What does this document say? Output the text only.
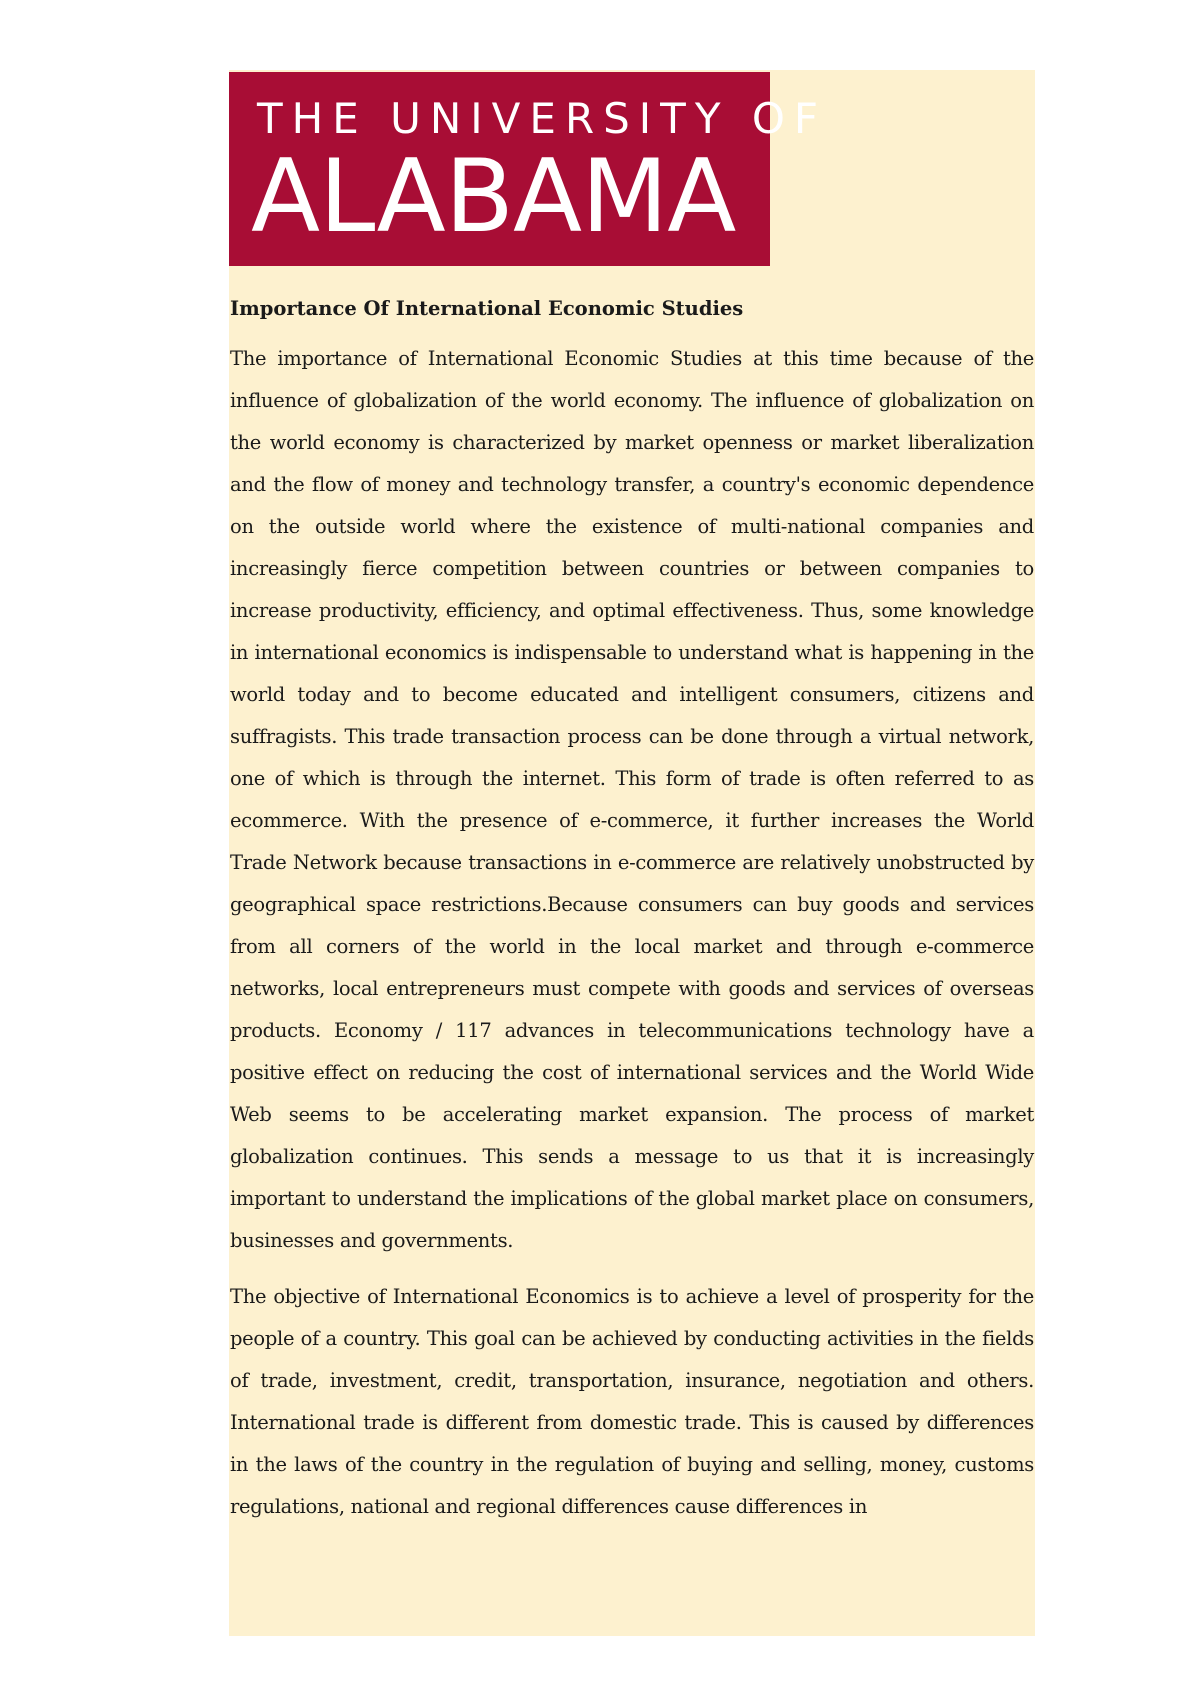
THE UNIVERSITY OF
ALABAMA

Importance Of International Economic Studies

The importance of International Economic Studies at this time because of the influence of globalization of the world economy. The influence of globalization on the world economy is characterized by market openness or market liberalization and the flow of money and technology transfer, a country's economic dependence on the outside world where the existence of multi-national companies and increasingly fierce competition between countries or between companies to increase productivity, efficiency, and optimal effectiveness. Thus, some knowledge in international economics is indispensable to understand what is happening in the world today and to become educated and intelligent consumers, citizens and suffragists. This trade transaction process can be done through a virtual network, one of which is through the internet. This form of trade is often referred to as ecommerce. With the presence of e-commerce, it further increases the World Trade Network because transactions in e-commerce are relatively unobstructed by geographical space restrictions.Because consumers can buy goods and services from all corners of the world in the local market and through e-commerce networks, local entrepreneurs must compete with goods and services of overseas products. Economy / 117 advances in telecommunications technology have a positive effect on reducing the cost of international services and the World Wide Web seems to be accelerating market expansion. The process of market globalization continues. This sends a message to us that it is increasingly important to understand the implications of the global market place on consumers, businesses and governments.

The objective of International Economics is to achieve a level of prosperity for the people of a country. This goal can be achieved by conducting activities in the fields of trade, investment, credit, transportation, insurance, negotiation and others. International trade is different from domestic trade. This is caused by differences in the laws of the country in the regulation of buying and selling, money, customs regulations, national and regional differences cause differences in
